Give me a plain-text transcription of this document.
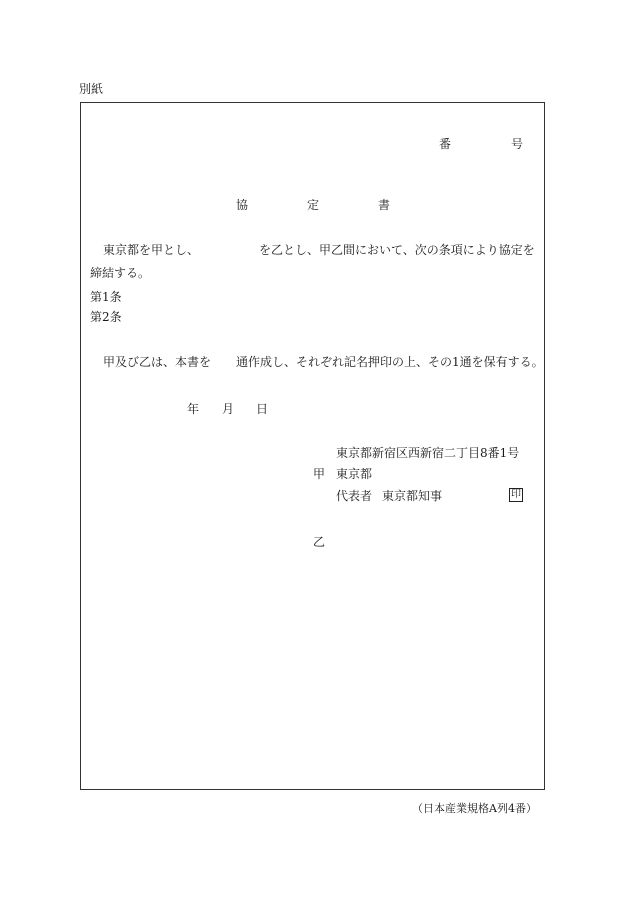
別紙
番	号
協	定	書
東京都を甲とし、	を乙とし、甲乙間において、次の条項により協定を
締結する。
第1条
第2条
甲及び乙は、本書を 通作成し、それぞれ記名押印の上、その1通を保有する。
年 月 日
東京都新宿区西新宿二丁目8番1号
甲 東京都
代表者 東京都知事	印
乙
（日本産業規格A列4番）
